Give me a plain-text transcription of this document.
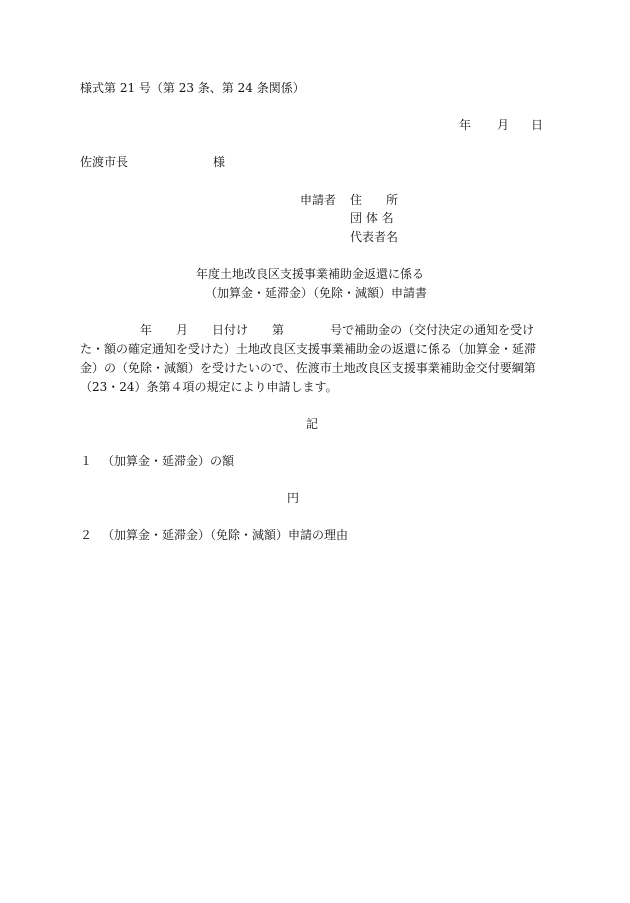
様式第 21 号（第 23 条、第 24 条関係）
年 月 日
佐渡市長	様
申請者 住　　所
団 体 名
代表者名
年度土地改良区支援事業補助金返還に係る
（加算金・延滞金）（免除・減額）申請書
年 月 日付け 第	号で補助金の（交付決定の通知を受け
た・額の確定通知を受けた）土地改良区支援事業補助金の返還に係る（加算金・延滞
金）の（免除・減額）を受けたいので、佐渡市土地改良区支援事業補助金交付要綱第
（23・24）条第４項の規定により申請します。
記
１ （加算金・延滞金）の額
円
２ （加算金・延滞金）（免除・減額）申請の理由
